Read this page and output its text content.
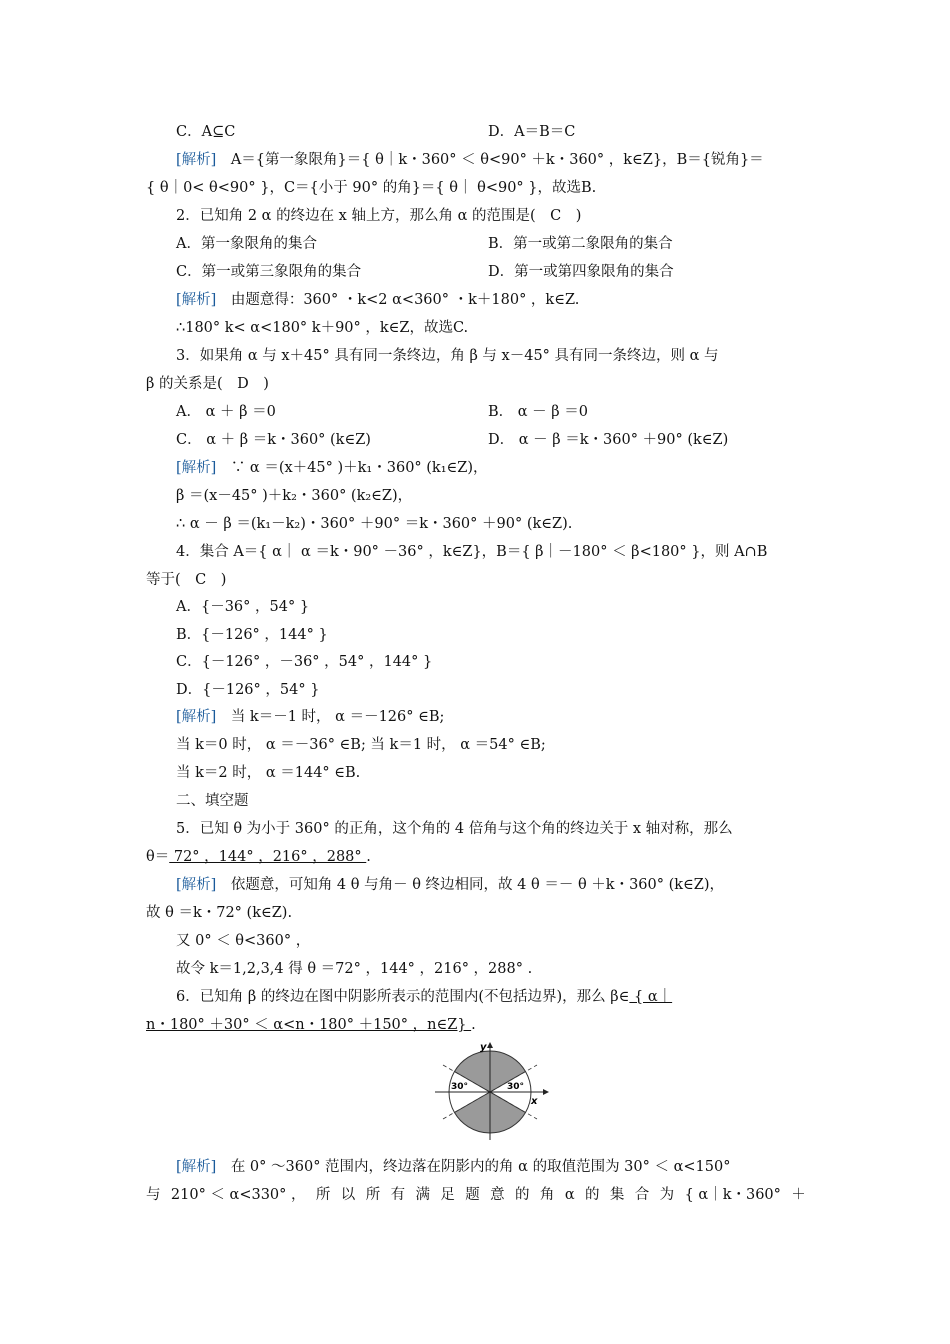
C．A⊆C	D．A＝B＝C
[解析]　 A＝{第一象限角}＝{ θ｜k・360° ＜ θ<90° ＋k・360° ，k∈Z}，B＝{锐角}＝
{ θ｜0< θ<90° }，C＝{小于 90° 的角}＝{ θ｜ θ<90° }，故选B.
2．已知角 2 α 的终边在 x 轴上方，那么角 α 的范围是(　C　)
A．第一象限角的集合	B．第一或第二象限角的集合
C．第一或第三象限角的集合	D．第一或第四象限角的集合
[解析]　 由题意得：360° ・k<2 α<360° ・k＋180° ，k∈Z.
∴180° k< α<180° k＋90° ，k∈Z，故选C.
3．如果角 α 与 x＋45° 具有同一条终边，角 β 与 x－45° 具有同一条终边，则 α 与
β 的关系是(　D　)
A． α ＋ β ＝0	B． α － β ＝0
C． α ＋ β ＝k・360° (k∈Z)	D． α － β ＝k・360° ＋90° (k∈Z)
[解析]　 ∵ α ＝(x＋45° )＋k₁・360° (k₁∈Z)，
β ＝(x－45° )＋k₂・360° (k₂∈Z)，
∴ α － β ＝(k₁－k₂)・360° ＋90° ＝k・360° ＋90° (k∈Z).
4．集合 A＝{ α｜ α ＝k・90° －36° ，k∈Z}，B＝{ β｜－180° ＜ β<180° }，则 A∩B
等于(　C　)
A．{－36° ，54° }
B．{－126° ，144° }
C．{－126° ，－36° ，54° ，144° }
D．{－126° ，54° }
[解析]　 当 k＝－1 时， α ＝－126° ∈B;
当 k＝0 时， α ＝－36° ∈B; 当 k＝1 时， α ＝54° ∈B;
当 k＝2 时， α ＝144° ∈B.
二、填空题
5．已知 θ 为小于 360° 的正角，这个角的 4 倍角与这个角的终边关于 x 轴对称，那么
θ＝ 72° ，144° ，216° ，288° .
[解析]　 依题意，可知角 4 θ 与角－ θ 终边相同，故 4 θ ＝－ θ ＋k・360° (k∈Z)，
故 θ ＝k・72° (k∈Z).
又 0° ＜ θ<360° ，
故令 k＝1,2,3,4 得 θ ＝72° ，144° ，216° ，288° .
6．已知角 β 的终边在图中阴影所表示的范围内(不包括边界)，那么 β∈ { α｜
n・180° ＋30° ＜ α<n・180° ＋150° ，n∈Z} .
y
x
30°	30°
[解析]　 在 0° ～360° 范围内，终边落在阴影内的角 α 的取值范围为 30° ＜ α<150°
与 210° ＜ α<330° ， 所 以 所 有 满 足 题 意 的 角 α 的 集 合 为 { α｜k・360° ＋
